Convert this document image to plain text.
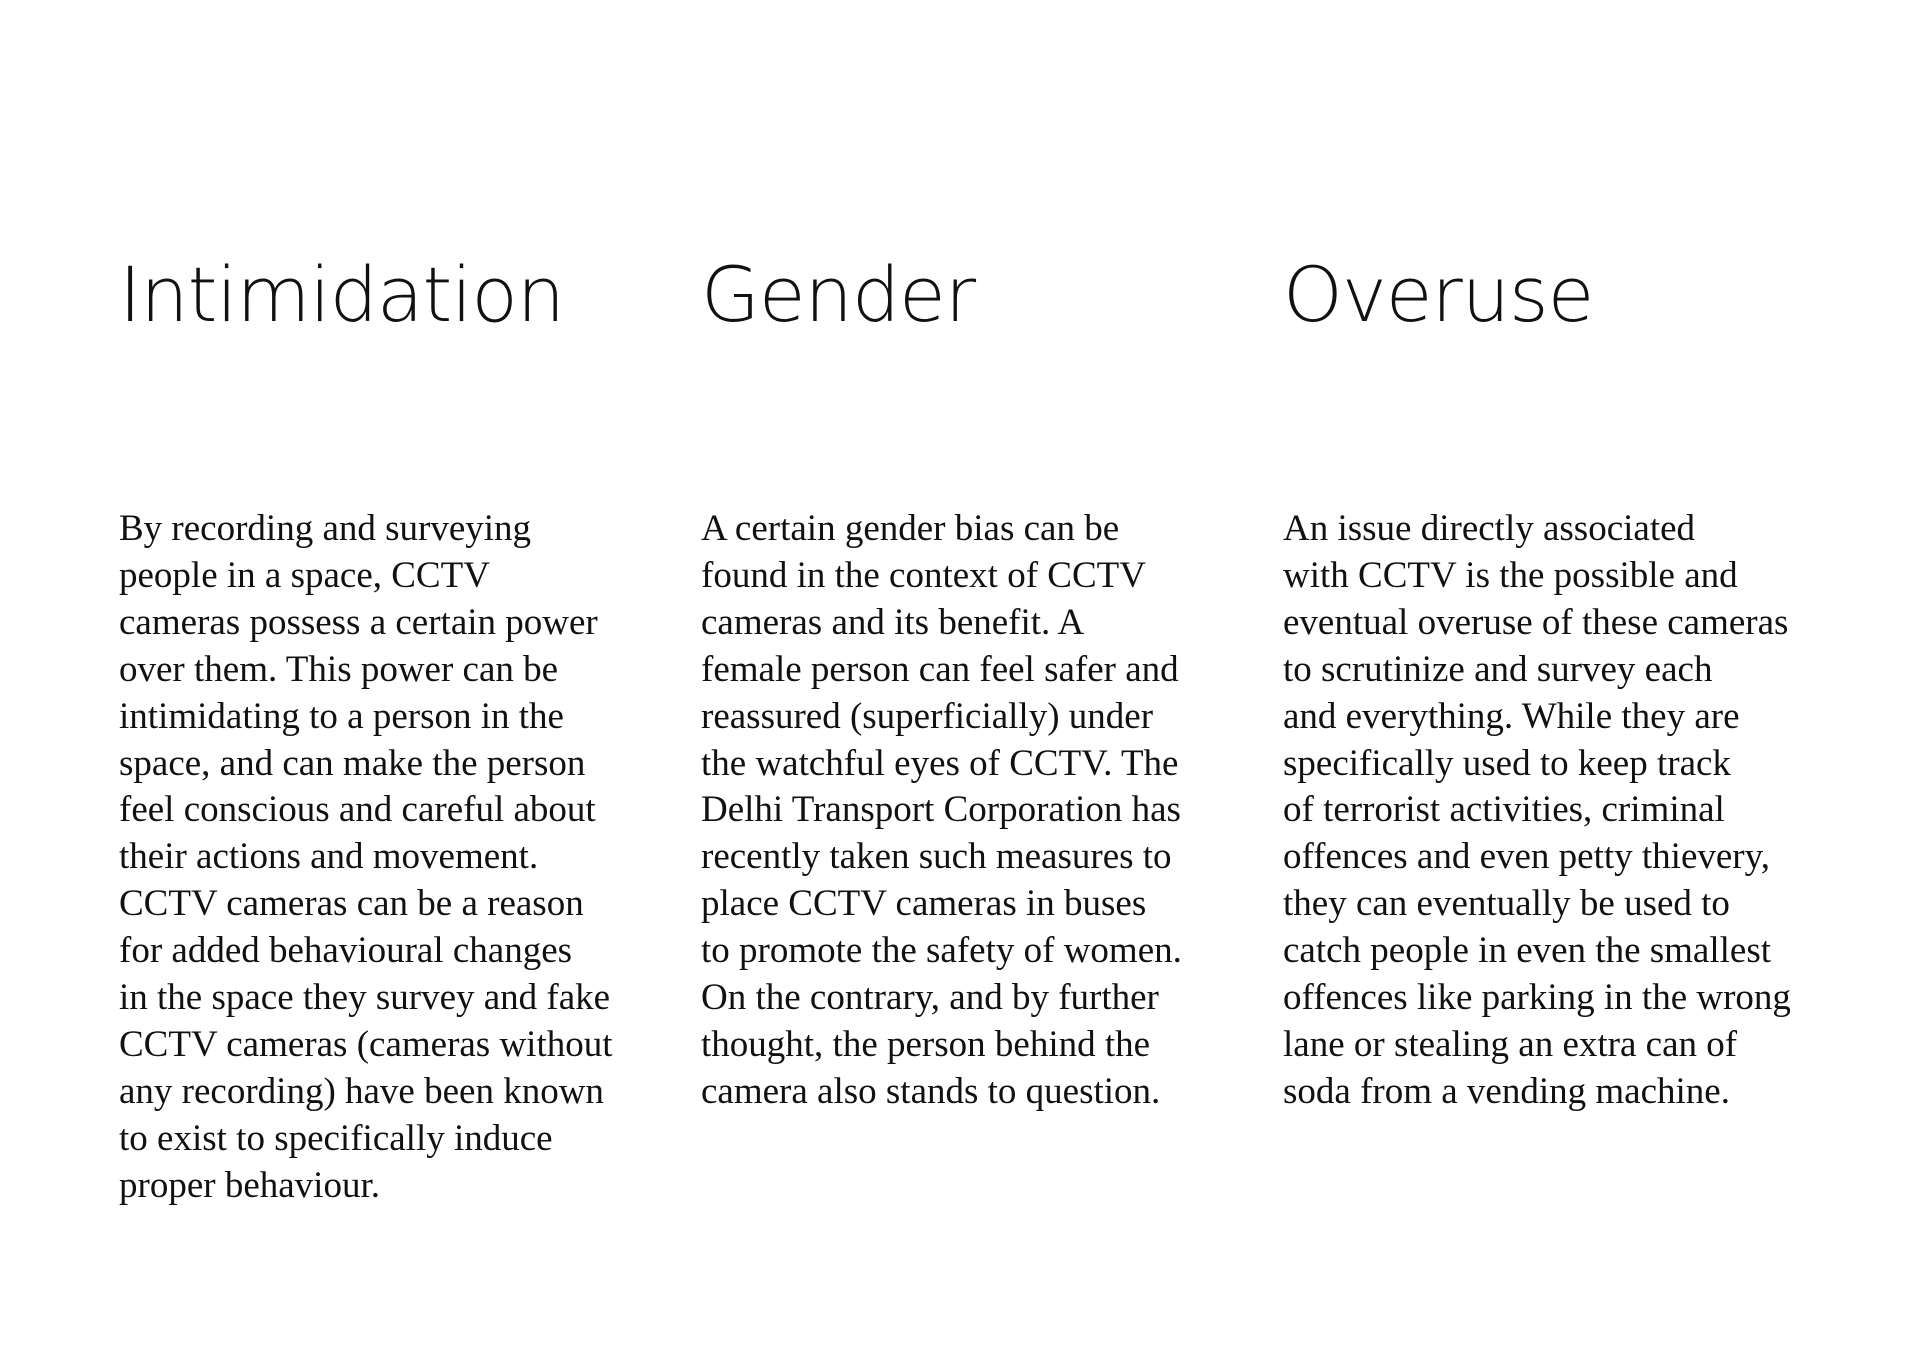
Intimidation

By recording and surveying
people in a space, CCTV
cameras possess a certain power
over them. This power can be
intimidating to a person in the
space, and can make the person
feel conscious and careful about
their actions and movement.
CCTV cameras can be a reason
for added behavioural changes
in the space they survey and fake
CCTV cameras (cameras without
any recording) have been known
to exist to specifically induce
proper behaviour.

Gender

A certain gender bias can be
found in the context of CCTV
cameras and its benefit. A
female person can feel safer and
reassured (superficially) under
the watchful eyes of CCTV. The
Delhi Transport Corporation has
recently taken such measures to
place CCTV cameras in buses
to promote the safety of women.
On the contrary, and by further
thought, the person behind the
camera also stands to question.

Overuse

An issue directly associated
with CCTV is the possible and
eventual overuse of these cameras
to scrutinize and survey each
and everything. While they are
specifically used to keep track
of terrorist activities, criminal
offences and even petty thievery,
they can eventually be used to
catch people in even the smallest
offences like parking in the wrong
lane or stealing an extra can of
soda from a vending machine.
